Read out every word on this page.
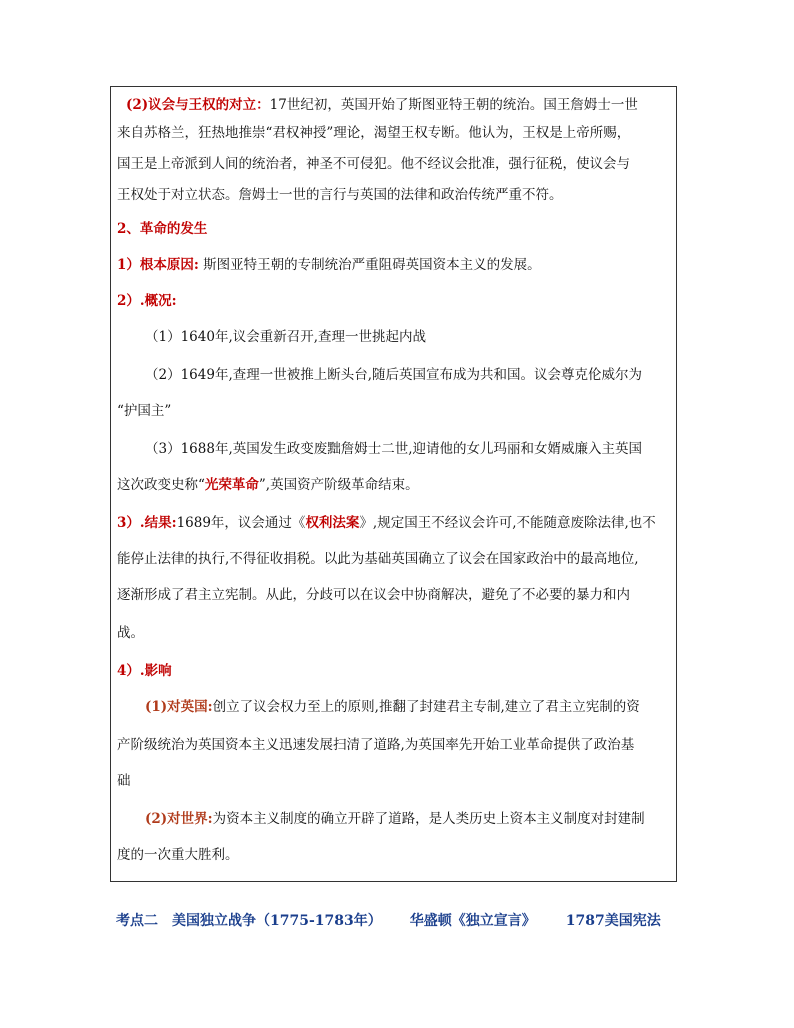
(2)议会与王权的对立：17世纪初，英国开始了斯图亚特王朝的统治。国王詹姆士一世
来自苏格兰，狂热地推崇“君权神授”理论，渴望王权专断。他认为，王权是上帝所赐，
国王是上帝派到人间的统治者，神圣不可侵犯。他不经议会批准，强行征税，使议会与
王权处于对立状态。詹姆士一世的言行与英国的法律和政治传统严重不符。
2、革命的发生
1）根本原因: 斯图亚特王朝的专制统治严重阻碍英国资本主义的发展。
2）.概况:
（1）1640年,议会重新召开,查理一世挑起内战
（2）1649年,查理一世被推上断头台,随后英国宣布成为共和国。议会尊克伦威尔为
“护国主”
（3）1688年,英国发生政变废黜詹姆士二世,迎请他的女儿玛丽和女婿威廉入主英国
这次政变史称“光荣革命”,英国资产阶级革命结束。
3）.结果:1689年，议会通过《权利法案》,规定国王不经议会许可,不能随意废除法律,也不
能停止法律的执行,不得征收捐税。以此为基础英国确立了议会在国家政治中的最高地位,
逐渐形成了君主立宪制。从此，分歧可以在议会中协商解决，避免了不必要的暴力和内
战。
4）.影响
(1)对英国:创立了议会权力至上的原则,推翻了封建君主专制,建立了君主立宪制的资
产阶级统治为英国资本主义迅速发展扫清了道路,为英国率先开始工业革命提供了政治基
础
(2)对世界:为资本主义制度的确立开辟了道路，是人类历史上资本主义制度对封建制
度的一次重大胜利。
考点二　美国独立战争（1775-1783年） 华盛顿《独立宣言》 1787美国宪法
